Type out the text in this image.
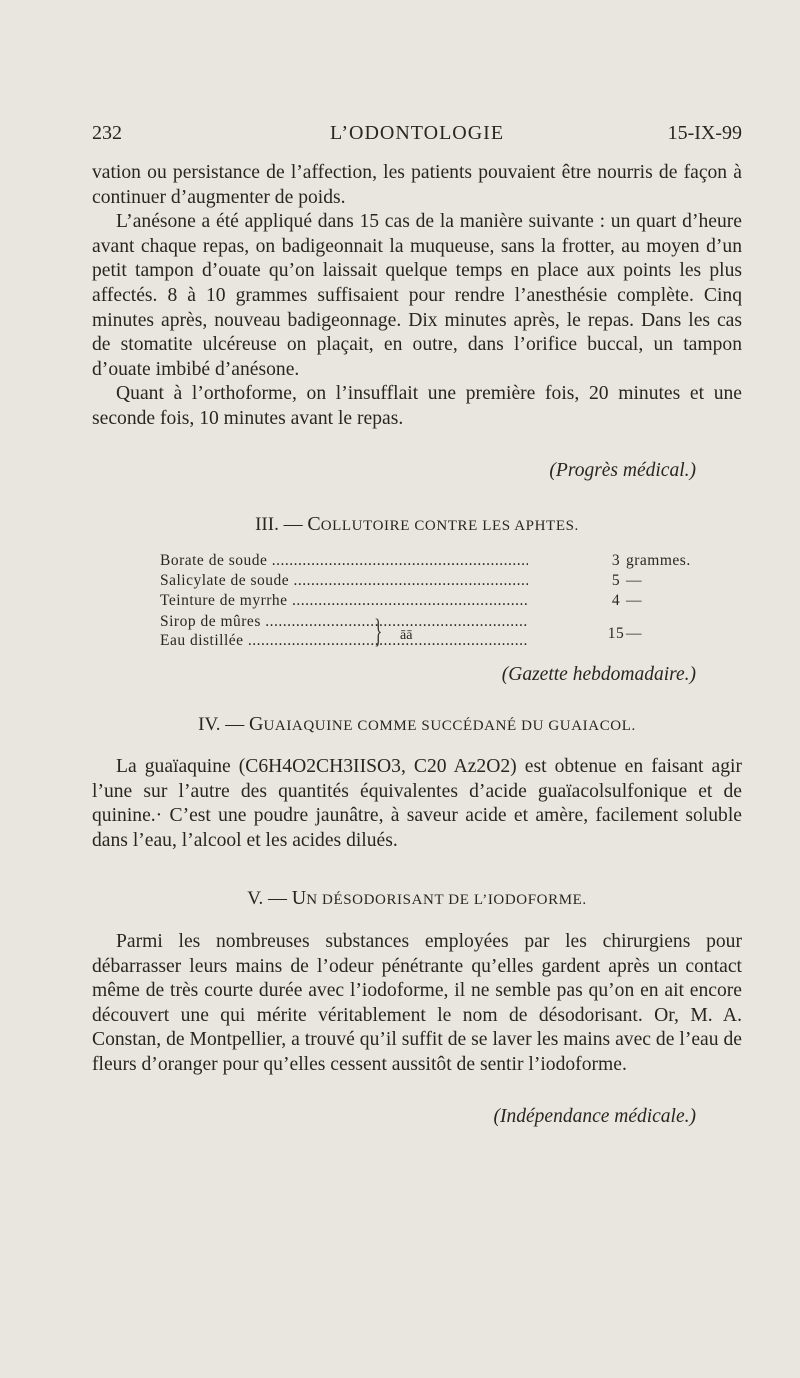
232	L’ODONTOLOGIE	15-IX-99

vation ou persistance de l’affection, les patients pouvaient être nourris de façon à continuer d’augmenter de poids.

L’anésone a été appliqué dans 15 cas de la manière suivante : un quart d’heure avant chaque repas, on badigeonnait la muqueuse, sans la frotter, au moyen d’un petit tampon d’ouate qu’on laissait quelque temps en place aux points les plus affectés. 8 à 10 grammes suffisaient pour rendre l’anesthésie complète. Cinq minutes après, nouveau badigeonnage. Dix minutes après, le repas. Dans les cas de stomatite ulcéreuse on plaçait, en outre, dans l’orifice buccal, un tampon d’ouate imbibé d’anésone.

Quant à l’orthoforme, on l’insufflait une première fois, 20 minutes et une seconde fois, 10 minutes avant le repas.

(Progrès médical.)
III. — COLLUTOIRE CONTRE LES APHTES.
Borate de soude .....	3 grammes.
Salicylate de soude .....	5 —
Teinture de myrrhe .....	4 —
Sirop de mûres .....
Eau distillée .....	15 —
} āā
(Gazette hebdomadaire.)
IV. — GUAIAQUINE COMME SUCCÉDANÉ DU GUAIACOL.

La guaïaquine (C6H4O2CH3IISO3, C20 Az2O2) est obtenue en faisant agir l’une sur l’autre des quantités équivalentes d’acide guaïacolsulfonique et de quinine.· C’est une poudre jaunâtre, à saveur acide et amère, facilement soluble dans l’eau, l’alcool et les acides dilués.

V. — UN DÉSODORISANT DE L’IODOFORME.

Parmi les nombreuses substances employées par les chirurgiens pour débarrasser leurs mains de l’odeur pénétrante qu’elles gardent après un contact même de très courte durée avec l’iodoforme, il ne semble pas qu’on en ait encore découvert une qui mérite véritablement le nom de désodorisant. Or, M. A. Constan, de Montpellier, a trouvé qu’il suffit de se laver les mains avec de l’eau de fleurs d’oranger pour qu’elles cessent aussitôt de sentir l’iodoforme.

(Indépendance médicale.)
